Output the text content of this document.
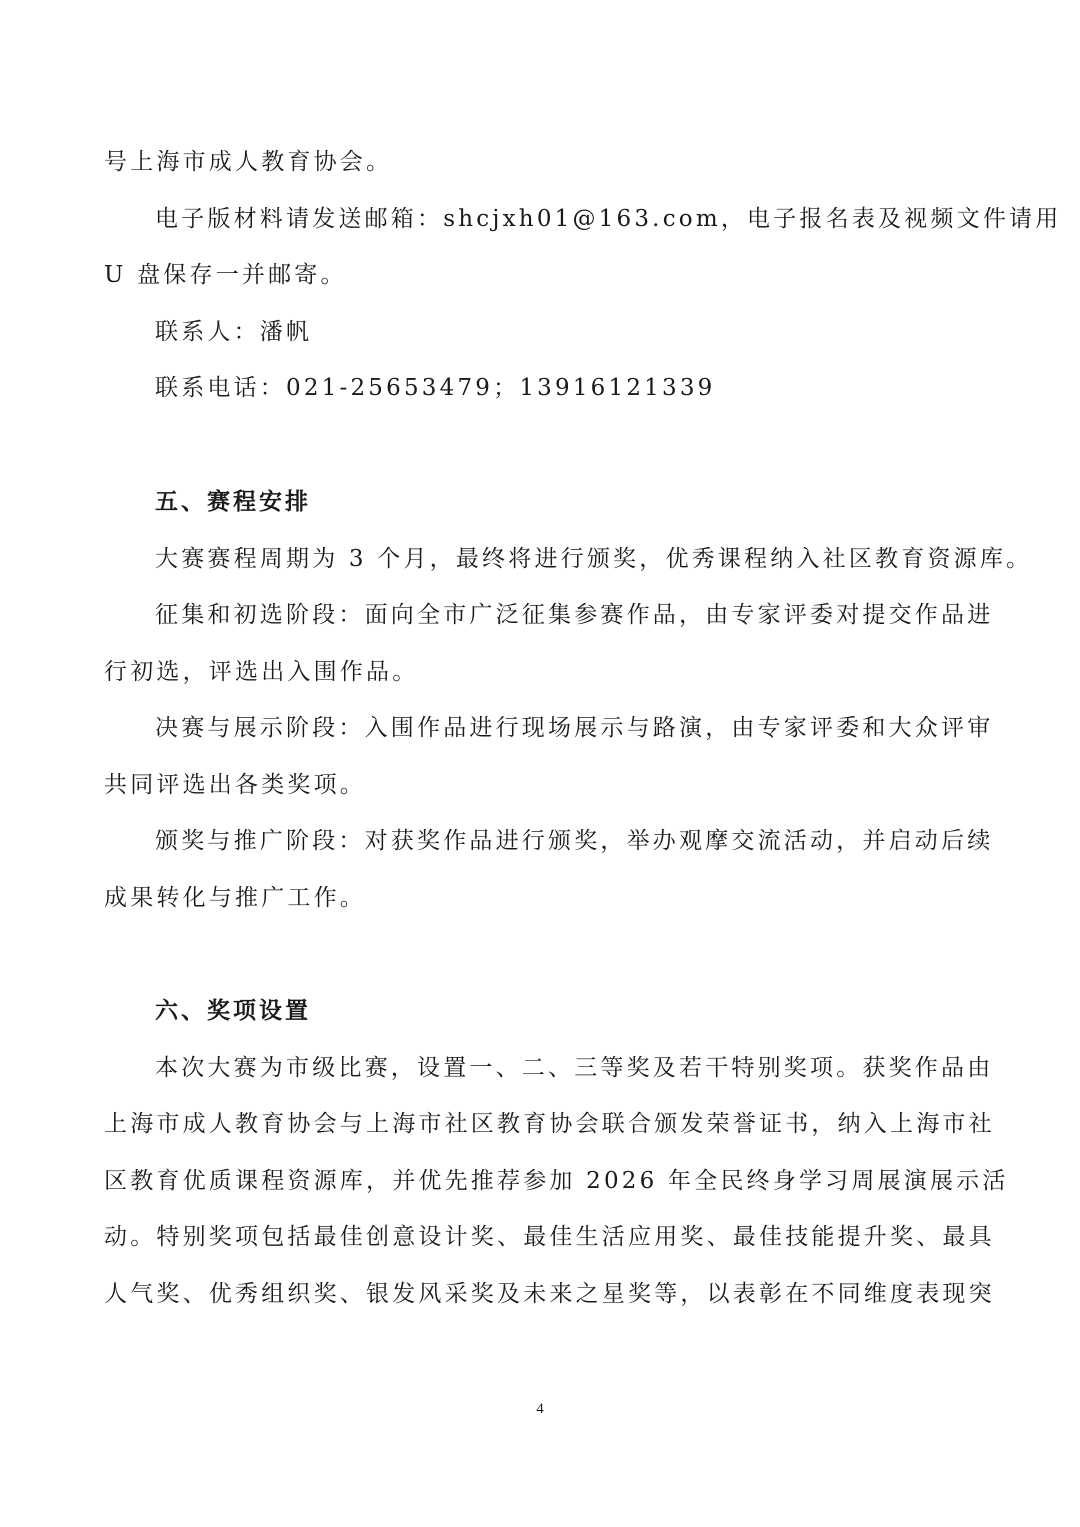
号上海市成人教育协会。
电子版材料请发送邮箱：shcjxh01@163.com，电子报名表及视频文件请用
U 盘保存一并邮寄。
联系人：潘帆
联系电话：021-25653479；13916121339
五、赛程安排
大赛赛程周期为 3 个月，最终将进行颁奖，优秀课程纳入社区教育资源库。
征集和初选阶段：面向全市广泛征集参赛作品，由专家评委对提交作品进
行初选，评选出入围作品。
决赛与展示阶段：入围作品进行现场展示与路演，由专家评委和大众评审
共同评选出各类奖项。
颁奖与推广阶段：对获奖作品进行颁奖，举办观摩交流活动，并启动后续
成果转化与推广工作。
六、奖项设置
本次大赛为市级比赛，设置一、二、三等奖及若干特别奖项。获奖作品由
上海市成人教育协会与上海市社区教育协会联合颁发荣誉证书，纳入上海市社
区教育优质课程资源库，并优先推荐参加 2026 年全民终身学习周展演展示活
动。特别奖项包括最佳创意设计奖、最佳生活应用奖、最佳技能提升奖、最具
人气奖、优秀组织奖、银发风采奖及未来之星奖等，以表彰在不同维度表现突
4
